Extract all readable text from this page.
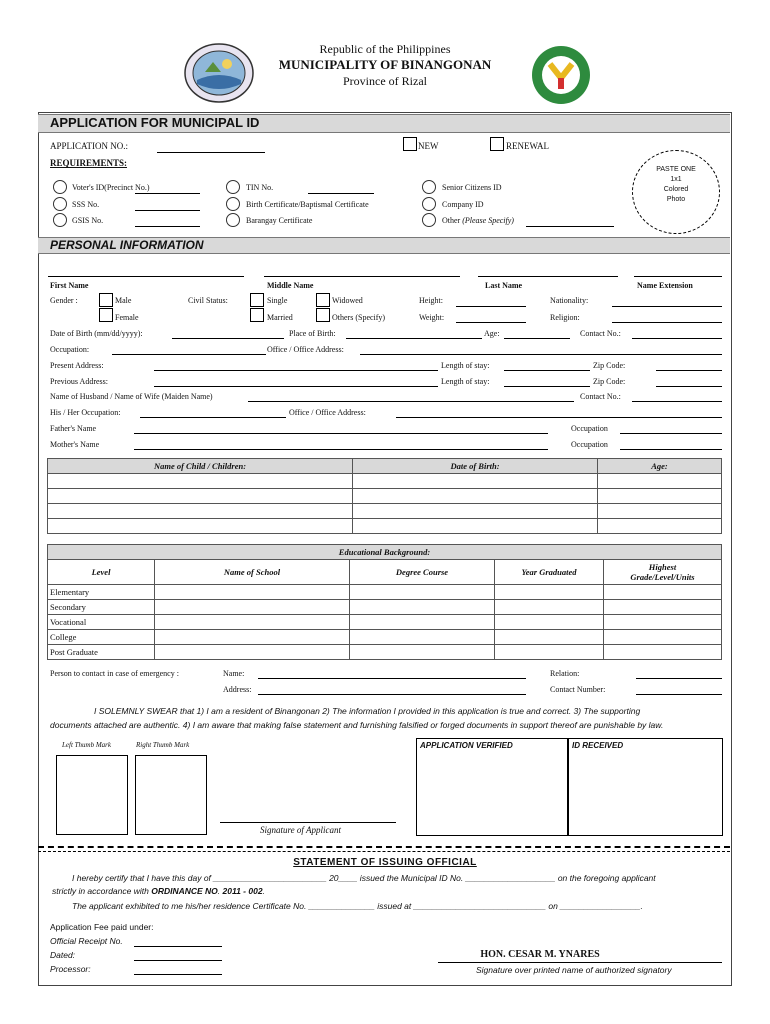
Republic of the Philippines
MUNICIPALITY OF BINANGONAN
Province of Rizal
APPLICATION FOR MUNICIPAL ID
APPLICATION NO.:	NEW	RENEWAL
REQUIREMENTS:
PASTE ONE
1x1
Colored
Photo
Voter's ID(Precinct No.)
SSS No.
GSIS No.
TIN No.
Birth Certificate/Baptismal Certificate
Barangay Certificate
Senior Citizens ID
Company ID
Other (Please Specify)
PERSONAL INFORMATION
First Name	Middle Name	Last Name	Name Extension
Gender :	Male
Female
Civil Status:	Single
Married
Widowed
Others (Specify)
Height:
Weight:
Nationality:
Religion:
Date of Birth (mm/dd/yyyy):	Place of Birth:	Age:	Contact No.:
Occupation:	Office / Office Address:
Present Address:	Length of stay:	Zip Code:
Previous Address:	Length of stay:	Zip Code:
Name of Husband / Name of Wife (Maiden Name)	Contact No.:
His / Her Occupation:	Office / Office Address:
Father's Name	Occupation
Mother's Name	Occupation
Name of Child / Children:	Date of Birth:	Age:

Educational Background:				
Level	Name of School	Degree Course	Year Graduated	Highest
Grade/Level/Units

Elementary				
Secondary				
Vocational				
College				
Post Graduate				
Person to contact in case of emergency :	Name:	Relation:
Address:	Contact Number:
I SOLEMNLY SWEAR that 1) I am a resident of Binangonan 2) The information I provided in this application is true and correct. 3) The supporting
documents attached are authentic. 4) I am aware that making false statement and furnishing falsified or forged documents in support thereof are punishable by law.
Left Thumb Mark	Right Thumb Mark
Signature of Applicant
APPLICATION VERIFIED	ID RECEIVED
STATEMENT OF ISSUING OFFICIAL
I hereby certify that I have this day of ________________________ 20____ issued the Municipal ID No. ___________________ on the foregoing applicant
strictly in accordance with ORDINANCE NO. 2011 - 002.
The applicant exhibited to me his/her residence Certificate No. ______________ issued at ____________________________ on _________________.
Application Fee paid under:
Official Receipt No.
Dated:
Processor:
HON. CESAR M. YNARES
Signature over printed name of authorized signatory
